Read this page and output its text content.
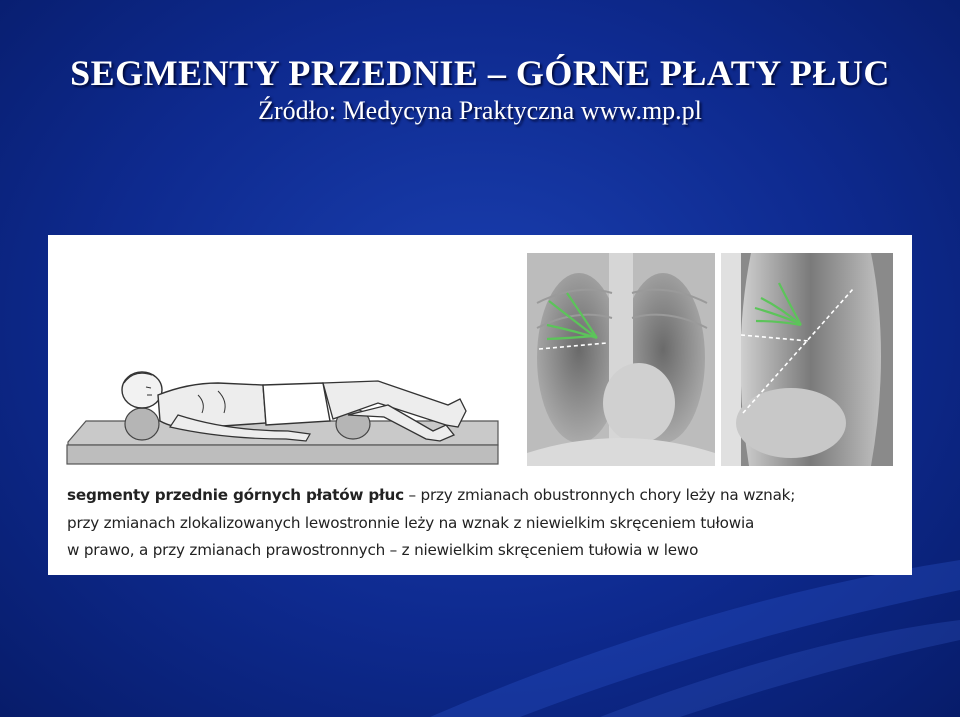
SEGMENTY PRZEDNIE – GÓRNE PŁATY PŁUC
Źródło: Medycyna Praktyczna www.mp.pl
segmenty przednie górnych płatów płuc – przy zmianach obustronnych chory leży na wznak;
przy zmianach zlokalizowanych lewostronnie leży na wznak z niewielkim skręceniem tułowia
w prawo, a przy zmianach prawostronnych – z niewielkim skręceniem tułowia w lewo
